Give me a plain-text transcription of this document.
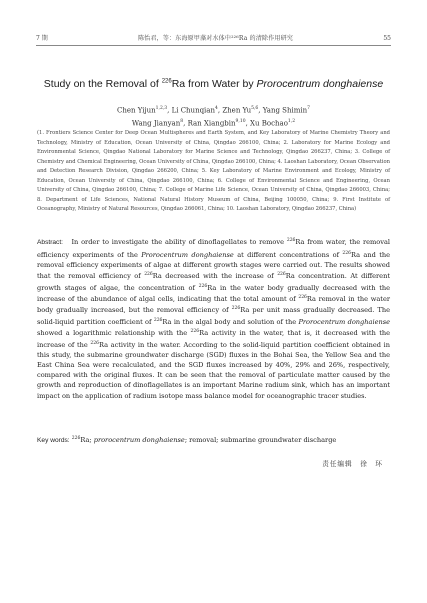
7 期	陈怡君，等：东海原甲藻对水体中²²⁶Ra 的清除作用研究	55
Study on the Removal of $^{226}$Ra from Water by Prorocentrum donghaiense
Chen Yijun$^{1,2,3}$, Li Chunqian$^4$, Zhen Yu$^{5,6}$, Yang Shimin$^7$
Wang Jianyan$^8$, Ran Xiangbin$^{9,10}$, Xu Bochao$^{1,2}$
(1. Frontiers Science Center for Deep Ocean Multispheres and Earth System, and Key Laboratory of Marine Chemistry Theory and Technology, Ministry of Education, Ocean University of China, Qingdao 266100, China; 2. Laboratory for Marine Ecology and Environmental Science, Qingdao National Laboratory for Marine Science and Technology, Qingdao 266237, China; 3. College of Chemistry and Chemical Engineering, Ocean University of China, Qingdao 266100, China; 4. Laoshan Laboratory, Ocean Observation and Detection Research Division, Qingdao 266200, China; 5. Key Laboratory of Marine Environment and Ecology, Ministry of Education, Ocean University of China, Qingdao 266100, China; 6. College of Environmental Science and Engineering, Ocean University of China, Qingdao 266100, China; 7. College of Marine Life Science, Ocean University of China, Qingdao 266003, China; 8. Department of Life Sciences, National Natural History Museum of China, Beijing 100050, China; 9. First Institute of Oceanography, Ministry of Natural Resources, Qingdao 266061, China; 10. Laoshan Laboratory, Qingdao 266237, China)
Abstract: In order to investigate the ability of dinoflagellates to remove $^{226}$Ra from water, the removal efficiency experiments of the Prorocentrum donghaiense at different concentrations of $^{226}$Ra and the removal efficiency experiments of algae at different growth stages were carried out. The results showed that the removal efficiency of $^{226}$Ra decreased with the increase of $^{226}$Ra concentration. At different growth stages of algae, the concentration of $^{226}$Ra in the water body gradually decreased with the increase of the abundance of algal cells, indicating that the total amount of $^{226}$Ra removal in the water body gradually increased, but the removal efficiency of $^{226}$Ra per unit mass gradually decreased. The solid-liquid partition coefficient of $^{226}$Ra in the algal body and solution of the Prorocentrum donghaiense showed a logarithmic relationship with the $^{226}$Ra activity in the water, that is, it decreased with the increase of the $^{226}$Ra activity in the water. According to the solid-liquid partition coefficient obtained in this study, the submarine groundwater discharge (SGD) fluxes in the Bohai Sea, the Yellow Sea and the East China Sea were recalculated, and the SGD fluxes increased by 40%, 29% and 26%, respectively, compared with the original fluxes. It can be seen that the removal of particulate matter caused by the growth and reproduction of dinoflagellates is an important Marine radium sink, which has an important impact on the application of radium isotope mass balance model for oceanographic tracer studies.
Key words: $^{226}$Ra; prorocentrum donghaiense; removal; submarine groundwater discharge
责任编辑　徐　环
